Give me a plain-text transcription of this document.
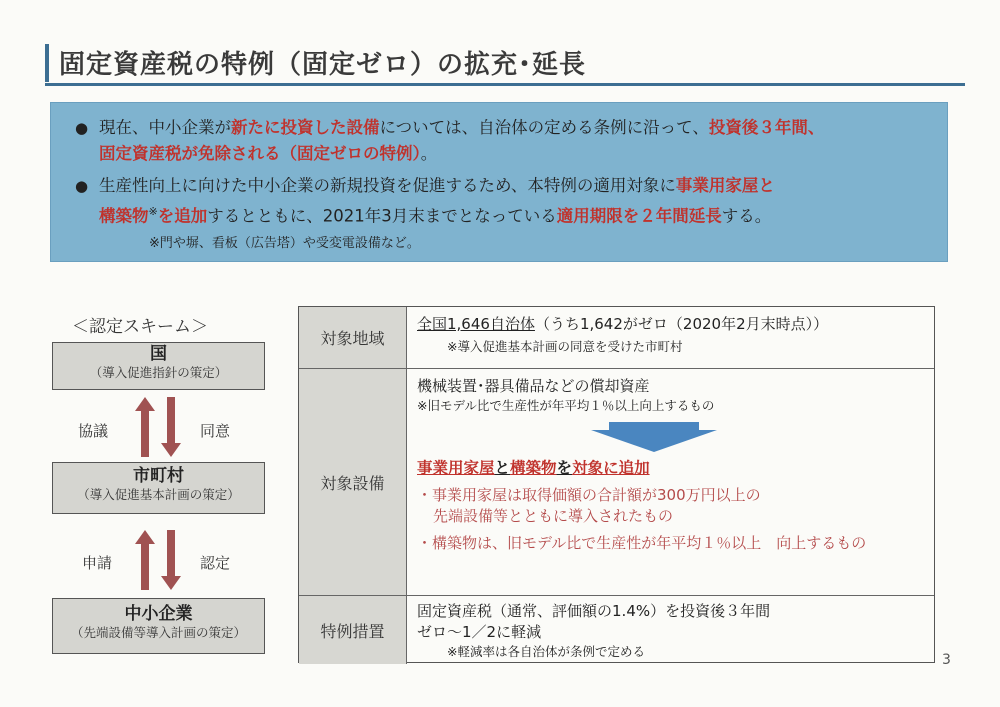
固定資産税の特例（固定ゼロ）の拡充･延長
● 現在、中小企業が新たに投資した設備については、自治体の定める条例に沿って、投資後３年間、
固定資産税が免除される（固定ゼロの特例）。
● 生産性向上に向けた中小企業の新規投資を促進するため、本特例の適用対象に事業用家屋と
構築物※を追加するとともに、2021年3月末までとなっている適用期限を２年間延長する。
※門や塀、看板（広告塔）や受変電設備など。
＜認定スキーム＞
国
（導入促進指針の策定）
協議	同意
市町村
（導入促進基本計画の策定）
申請	認定
中小企業
（先端設備等導入計画の策定）
対象地域
全国1,646自治体（うち1,642がゼロ（2020年2月末時点））
※導入促進基本計画の同意を受けた市町村
対象設備
機械装置･器具備品などの償却資産
※旧モデル比で生産性が年平均１％以上向上するもの
事業用家屋と構築物を対象に追加
・事業用家屋は取得価額の合計額が300万円以上の
先端設備等とともに導入されたもの
・構築物は、旧モデル比で生産性が年平均１％以上　向上するもの
特例措置
固定資産税（通常、評価額の1.4%）を投資後３年間
ゼロ～1／2に軽減
※軽減率は各自治体が条例で定める
3
